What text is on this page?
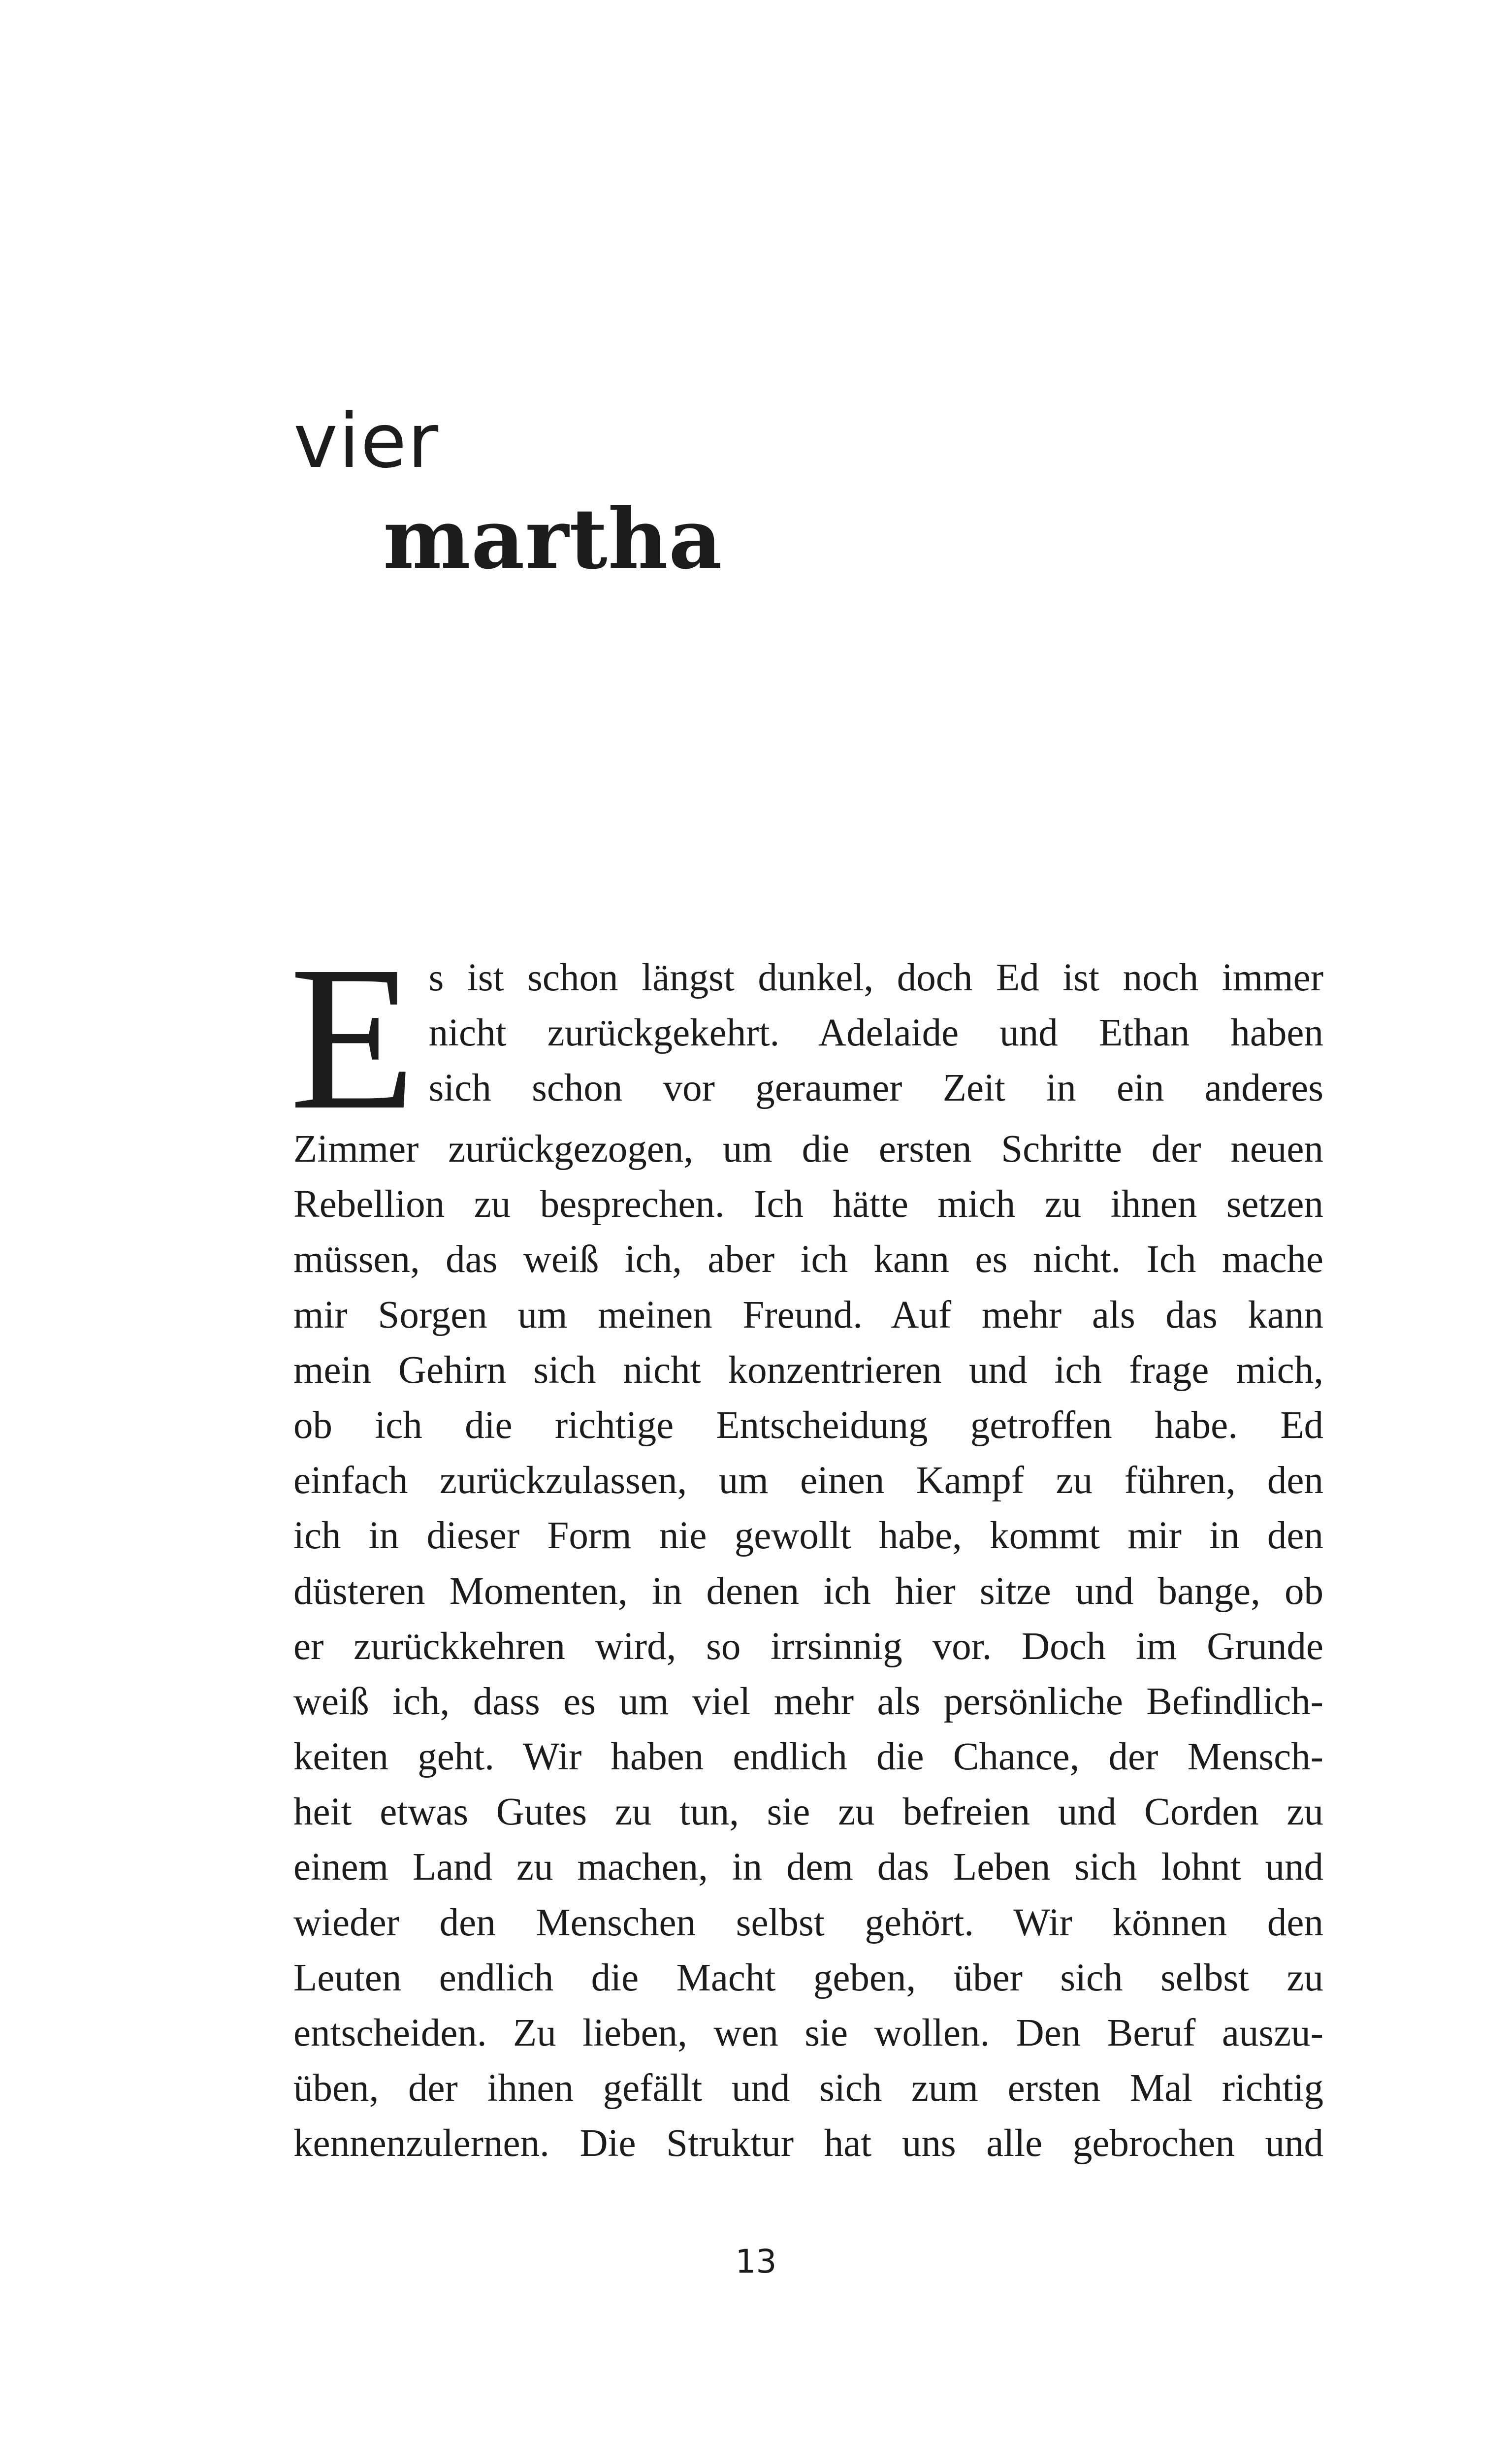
vier
martha
E s ist schon längst dunkel, doch Ed ist noch immer
nicht zurückgekehrt. Adelaide und Ethan haben
sich schon vor geraumer Zeit in ein anderes
Zimmer zurückgezogen, um die ersten Schritte der neuen
Rebellion zu besprechen. Ich hätte mich zu ihnen setzen
müssen, das weiß ich, aber ich kann es nicht. Ich mache
mir Sorgen um meinen Freund. Auf mehr als das kann
mein Gehirn sich nicht konzentrieren und ich frage mich,
ob ich die richtige Entscheidung getroffen habe. Ed
einfach zurückzulassen, um einen Kampf zu führen, den
ich in dieser Form nie gewollt habe, kommt mir in den
düsteren Momenten, in denen ich hier sitze und bange, ob
er zurückkehren wird, so irrsinnig vor. Doch im Grunde
weiß ich, dass es um viel mehr als persönliche Befindlich-
keiten geht. Wir haben endlich die Chance, der Mensch-
heit etwas Gutes zu tun, sie zu befreien und Corden zu
einem Land zu machen, in dem das Leben sich lohnt und
wieder den Menschen selbst gehört. Wir können den
Leuten endlich die Macht geben, über sich selbst zu
entscheiden. Zu lieben, wen sie wollen. Den Beruf auszu-
üben, der ihnen gefällt und sich zum ersten Mal richtig
kennenzulernen. Die Struktur hat uns alle gebrochen und
13
